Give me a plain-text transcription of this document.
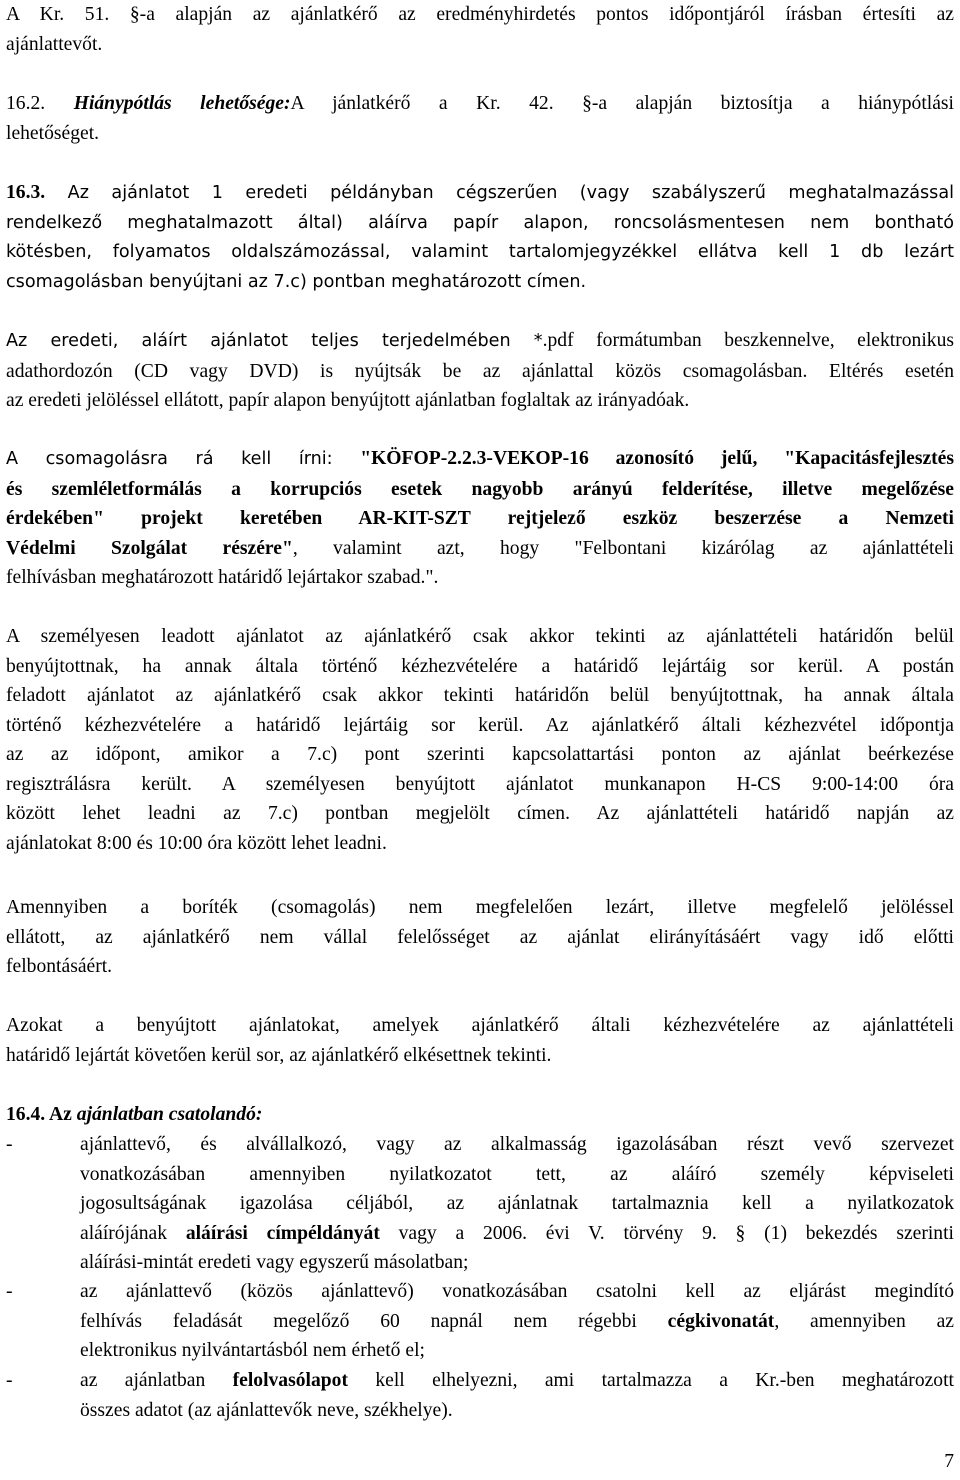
A Kr. 51. §-a alapján az ajánlatkérő az eredményhirdetés pontos időpontjáról írásban értesíti az
ajánlattevőt.
16.2. Hiánypótlás lehetősége:A jánlatkérő a Kr. 42. §-a alapján biztosítja a hiánypótlási
lehetőséget.
16.3. Az ajánlatot 1 eredeti példányban cégszerűen (vagy szabályszerű meghatalmazással
rendelkező meghatalmazott által) aláírva papír alapon, roncsolásmentesen nem bontható
kötésben, folyamatos oldalszámozással, valamint tartalomjegyzékkel ellátva kell 1 db lezárt
csomagolásban benyújtani az 7.c) pontban meghatározott címen.
Az eredeti, aláírt ajánlatot teljes terjedelmében *.pdf formátumban beszkennelve, elektronikus
adathordozón (CD vagy DVD) is nyújtsák be az ajánlattal közös csomagolásban. Eltérés esetén
az eredeti jelöléssel ellátott, papír alapon benyújtott ajánlatban foglaltak az irányadóak.
A csomagolásra rá kell írni: "KÖFOP-2.2.3-VEKOP-16 azonosító jelű, "Kapacitásfejlesztés
és szemléletformálás a korrupciós esetek nagyobb arányú felderítése, illetve megelőzése
érdekében" projekt keretében AR-KIT-SZT rejtjelező eszköz beszerzése a Nemzeti
Védelmi Szolgálat részére", valamint azt, hogy "Felbontani kizárólag az ajánlattételi
felhívásban meghatározott határidő lejártakor szabad.".
A személyesen leadott ajánlatot az ajánlatkérő csak akkor tekinti az ajánlattételi határidőn belül
benyújtottnak, ha annak általa történő kézhezvételére a határidő lejártáig sor kerül. A postán
feladott ajánlatot az ajánlatkérő csak akkor tekinti határidőn belül benyújtottnak, ha annak általa
történő kézhezvételére a határidő lejártáig sor kerül. Az ajánlatkérő általi kézhezvétel időpontja
az az időpont, amikor a 7.c) pont szerinti kapcsolattartási ponton az ajánlat beérkezése
regisztrálásra került. A személyesen benyújtott ajánlatot munkanapon H-CS 9:00-14:00 óra
között lehet leadni az 7.c) pontban megjelölt címen. Az ajánlattételi határidő napján az
ajánlatokat 8:00 és 10:00 óra között lehet leadni.
Amennyiben a boríték (csomagolás) nem megfelelően lezárt, illetve megfelelő jelöléssel
ellátott, az ajánlatkérő nem vállal felelősséget az ajánlat elirányításáért vagy idő előtti
felbontásáért.
Azokat a benyújtott ajánlatokat, amelyek ajánlatkérő általi kézhezvételére az ajánlattételi
határidő lejártát követően kerül sor, az ajánlatkérő elkésettnek tekinti.
16.4. Az ajánlatban csatolandó:
-	ajánlattevő, és alvállalkozó, vagy az alkalmasság igazolásában részt vevő szervezet
vonatkozásában amennyiben nyilatkozatot tett, az aláíró személy képviseleti
jogosultságának igazolása céljából, az ajánlatnak tartalmaznia kell a nyilatkozatok
aláírójának aláírási címpéldányát vagy a 2006. évi V. törvény 9. § (1) bekezdés szerinti
aláírási-mintát eredeti vagy egyszerű másolatban;
-	az ajánlattevő (közös ajánlattevő) vonatkozásában csatolni kell az eljárást megindító
felhívás feladását megelőző 60 napnál nem régebbi cégkivonatát, amennyiben az
elektronikus nyilvántartásból nem érhető el;
-	az ajánlatban felolvasólapot kell elhelyezni, ami tartalmazza a Kr.-ben meghatározott
összes adatot (az ajánlattevők neve, székhelye).
7
